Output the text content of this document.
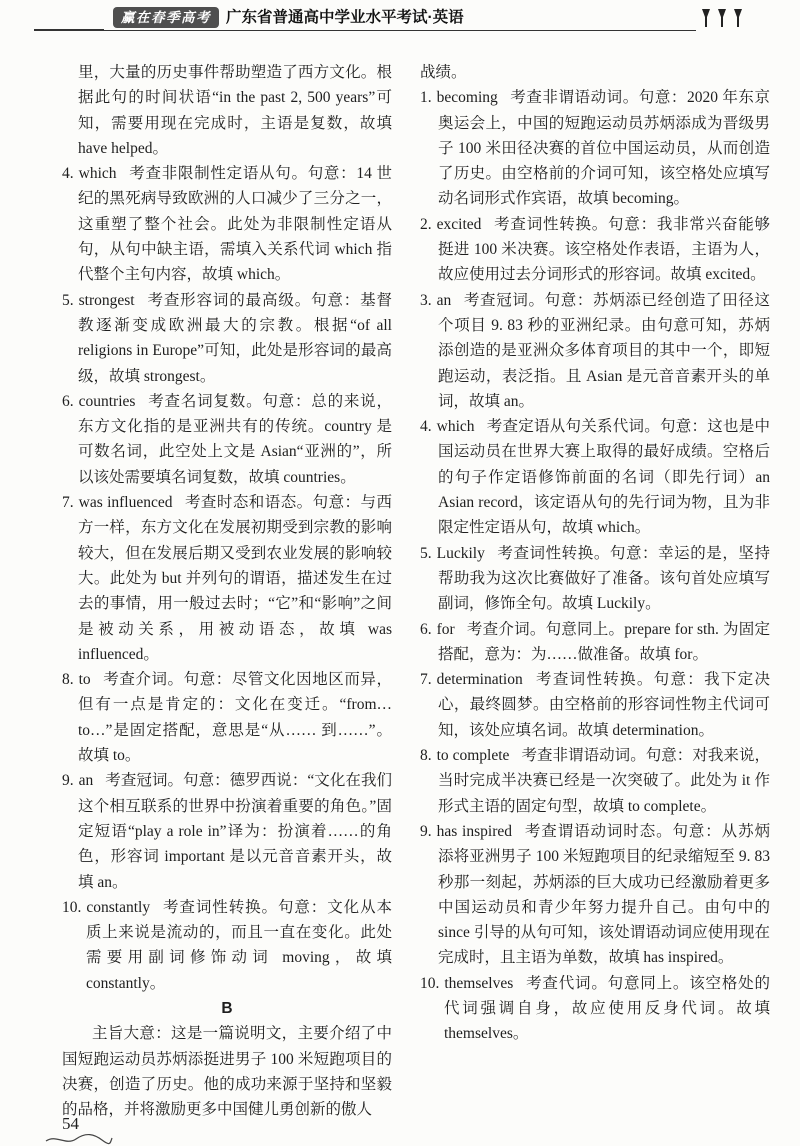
赢在春季高考 广东省普通高中学业水平考试·英语

里，大量的历史事件帮助塑造了西方文化。根据此句的时间状语“in the past 2, 500 years”可知，需要用现在完成时，主语是复数，故填 have helped。

4. which 考查非限制性定语从句。句意：14 世纪的黑死病导致欧洲的人口减少了三分之一，这重塑了整个社会。此处为非限制性定语从句，从句中缺主语，需填入关系代词 which 指代整个主句内容，故填 which。

5. strongest 考查形容词的最高级。句意：基督教逐渐变成欧洲最大的宗教。根据“of all religions in Europe”可知，此处是形容词的最高级，故填 strongest。

6. countries 考查名词复数。句意：总的来说，东方文化指的是亚洲共有的传统。country 是可数名词，此空处上文是 Asian“亚洲的”，所以该处需要填名词复数，故填 countries。

7. was influenced 考查时态和语态。句意：与西方一样，东方文化在发展初期受到宗教的影响较大，但在发展后期又受到农业发展的影响较大。此处为 but 并列句的谓语，描述发生在过去的事情，用一般过去时；“它”和“影响”之间是被动关系，用被动语态，故填 was influenced。

8. to 考查介词。句意：尽管文化因地区而异，但有一点是肯定的：文化在变迁。“from…to…”是固定搭配，意思是“从…… 到……”。故填 to。

9. an 考查冠词。句意：德罗西说：“文化在我们这个相互联系的世界中扮演着重要的角色。”固定短语“play a role in”译为：扮演着……的角色，形容词 important 是以元音音素开头，故填 an。

10. constantly 考查词性转换。句意：文化从本质上来说是流动的，而且一直在变化。此处需要用副词修饰动词 moving，故填 constantly。

B

主旨大意：这是一篇说明文，主要介绍了中国短跑运动员苏炳添挺进男子 100 米短跑项目的决赛，创造了历史。他的成功来源于坚持和坚毅的品格，并将激励更多中国健儿勇创新的傲人

战绩。

1. becoming 考查非谓语动词。句意：2020 年东京奥运会上，中国的短跑运动员苏炳添成为晋级男子 100 米田径决赛的首位中国运动员，从而创造了历史。由空格前的介词可知，该空格处应填写动名词形式作宾语，故填 becoming。

2. excited 考查词性转换。句意：我非常兴奋能够挺进 100 米决赛。该空格处作表语，主语为人，故应使用过去分词形式的形容词。故填 excited。

3. an 考查冠词。句意：苏炳添已经创造了田径这个项目 9. 83 秒的亚洲纪录。由句意可知，苏炳添创造的是亚洲众多体育项目的其中一个，即短跑运动，表泛指。且 Asian 是元音音素开头的单词，故填 an。

4. which 考查定语从句关系代词。句意：这也是中国运动员在世界大赛上取得的最好成绩。空格后的句子作定语修饰前面的名词（即先行词）an Asian record，该定语从句的先行词为物，且为非限定性定语从句，故填 which。

5. Luckily 考查词性转换。句意：幸运的是，坚持帮助我为这次比赛做好了准备。该句首处应填写副词，修饰全句。故填 Luckily。

6. for 考查介词。句意同上。prepare for sth. 为固定搭配，意为：为……做准备。故填 for。

7. determination 考查词性转换。句意：我下定决心，最终圆梦。由空格前的形容词性物主代词可知，该处应填名词。故填 determination。

8. to complete 考查非谓语动词。句意：对我来说，当时完成半决赛已经是一次突破了。此处为 it 作形式主语的固定句型，故填 to complete。

9. has inspired 考查谓语动词时态。句意：从苏炳添将亚洲男子 100 米短跑项目的纪录缩短至 9. 83 秒那一刻起，苏炳添的巨大成功已经激励着更多中国运动员和青少年努力提升自己。由句中的 since 引导的从句可知，该处谓语动词应使用现在完成时，且主语为单数，故填 has inspired。

10. themselves 考查代词。句意同上。该空格处的代词强调自身，故应使用反身代词。故填 themselves。

54
